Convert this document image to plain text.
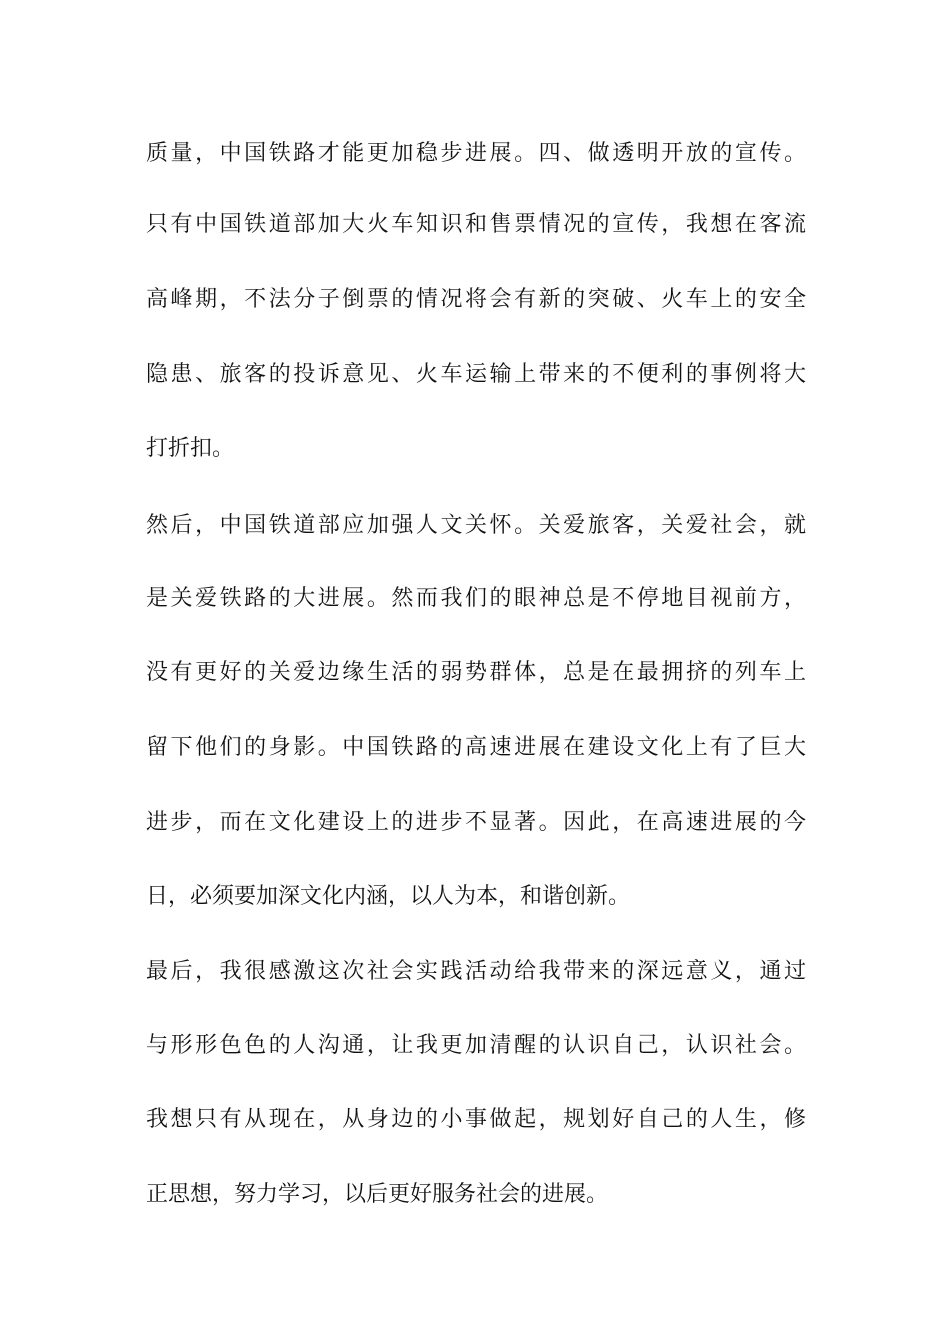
质量，中国铁路才能更加稳步进展。四、做透明开放的宣传。
只有中国铁道部加大火车知识和售票情况的宣传，我想在客流
高峰期，不法分子倒票的情况将会有新的突破、火车上的安全
隐患、旅客的投诉意见、火车运输上带来的不便利的事例将大
打折扣。
然后，中国铁道部应加强人文关怀。关爱旅客，关爱社会，就
是关爱铁路的大进展。然而我们的眼神总是不停地目视前方，
没有更好的关爱边缘生活的弱势群体，总是在最拥挤的列车上
留下他们的身影。中国铁路的高速进展在建设文化上有了巨大
进步，而在文化建设上的进步不显著。因此，在高速进展的今
日，必须要加深文化内涵，以人为本，和谐创新。
最后，我很感激这次社会实践活动给我带来的深远意义，通过
与形形色色的人沟通，让我更加清醒的认识自己，认识社会。
我想只有从现在，从身边的小事做起，规划好自己的人生，修
正思想，努力学习，以后更好服务社会的进展。
